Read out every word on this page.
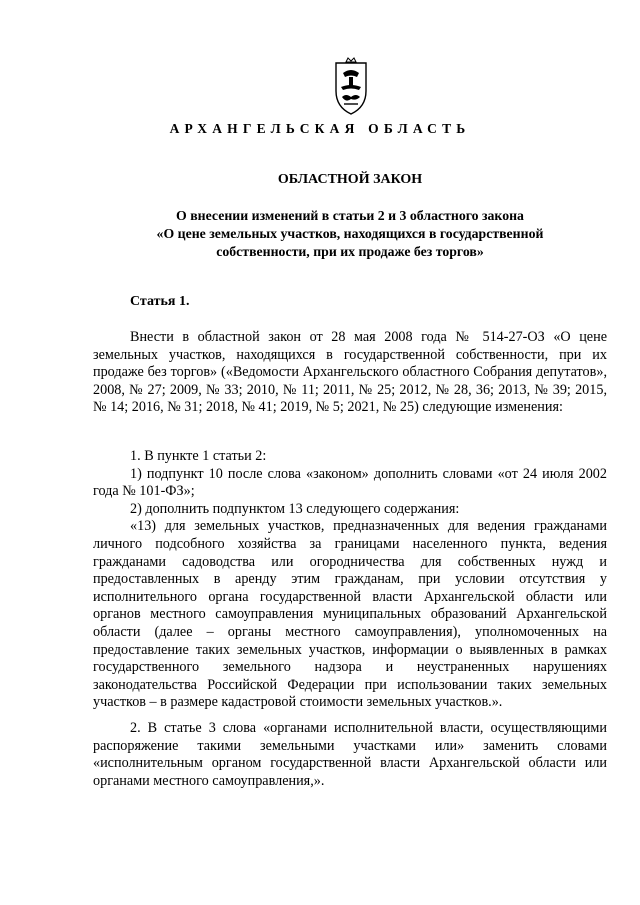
АРХАНГЕЛЬСКАЯ ОБЛАСТЬ
ОБЛАСТНОЙ ЗАКОН
О внесении изменений в статьи 2 и 3 областного закона
«О цене земельных участков, находящихся в государственной
собственности, при их продаже без торгов»
Статья 1.

Внести в областной закон от 28 мая 2008 года № 514-27-ОЗ «О цене земельных участков, находящихся в государственной собственности, при их продаже без торгов» («Ведомости Архангельского областного Собрания депутатов», 2008, № 27; 2009, № 33; 2010, № 11; 2011, № 25; 2012, № 28, 36; 2013, № 39; 2015, № 14; 2016, № 31; 2018, № 41; 2019, № 5; 2021, № 25) следующие изменения:

1. В пункте 1 статьи 2:

1) подпункт 10 после слова «законом» дополнить словами «от 24 июля 2002 года № 101-ФЗ»;

2) дополнить подпунктом 13 следующего содержания:

«13) для земельных участков, предназначенных для ведения гражданами личного подсобного хозяйства за границами населенного пункта, ведения гражданами садоводства или огородничества для собственных нужд и предоставленных в аренду этим гражданам, при условии отсутствия у исполнительного органа государственной власти Архангельской области или органов местного самоуправления муниципальных образований Архангельской области (далее – органы местного самоуправления), уполномоченных на предоставление таких земельных участков, информации о выявленных в рамках государственного земельного надзора и неустраненных нарушениях законодательства Российской Федерации при использовании таких земельных участков – в размере кадастровой стоимости земельных участков.».

2. В статье 3 слова «органами исполнительной власти, осуществляющими распоряжение такими земельными участками или» заменить словами «исполнительным органом государственной власти Архангельской области или органами местного самоуправления,».
